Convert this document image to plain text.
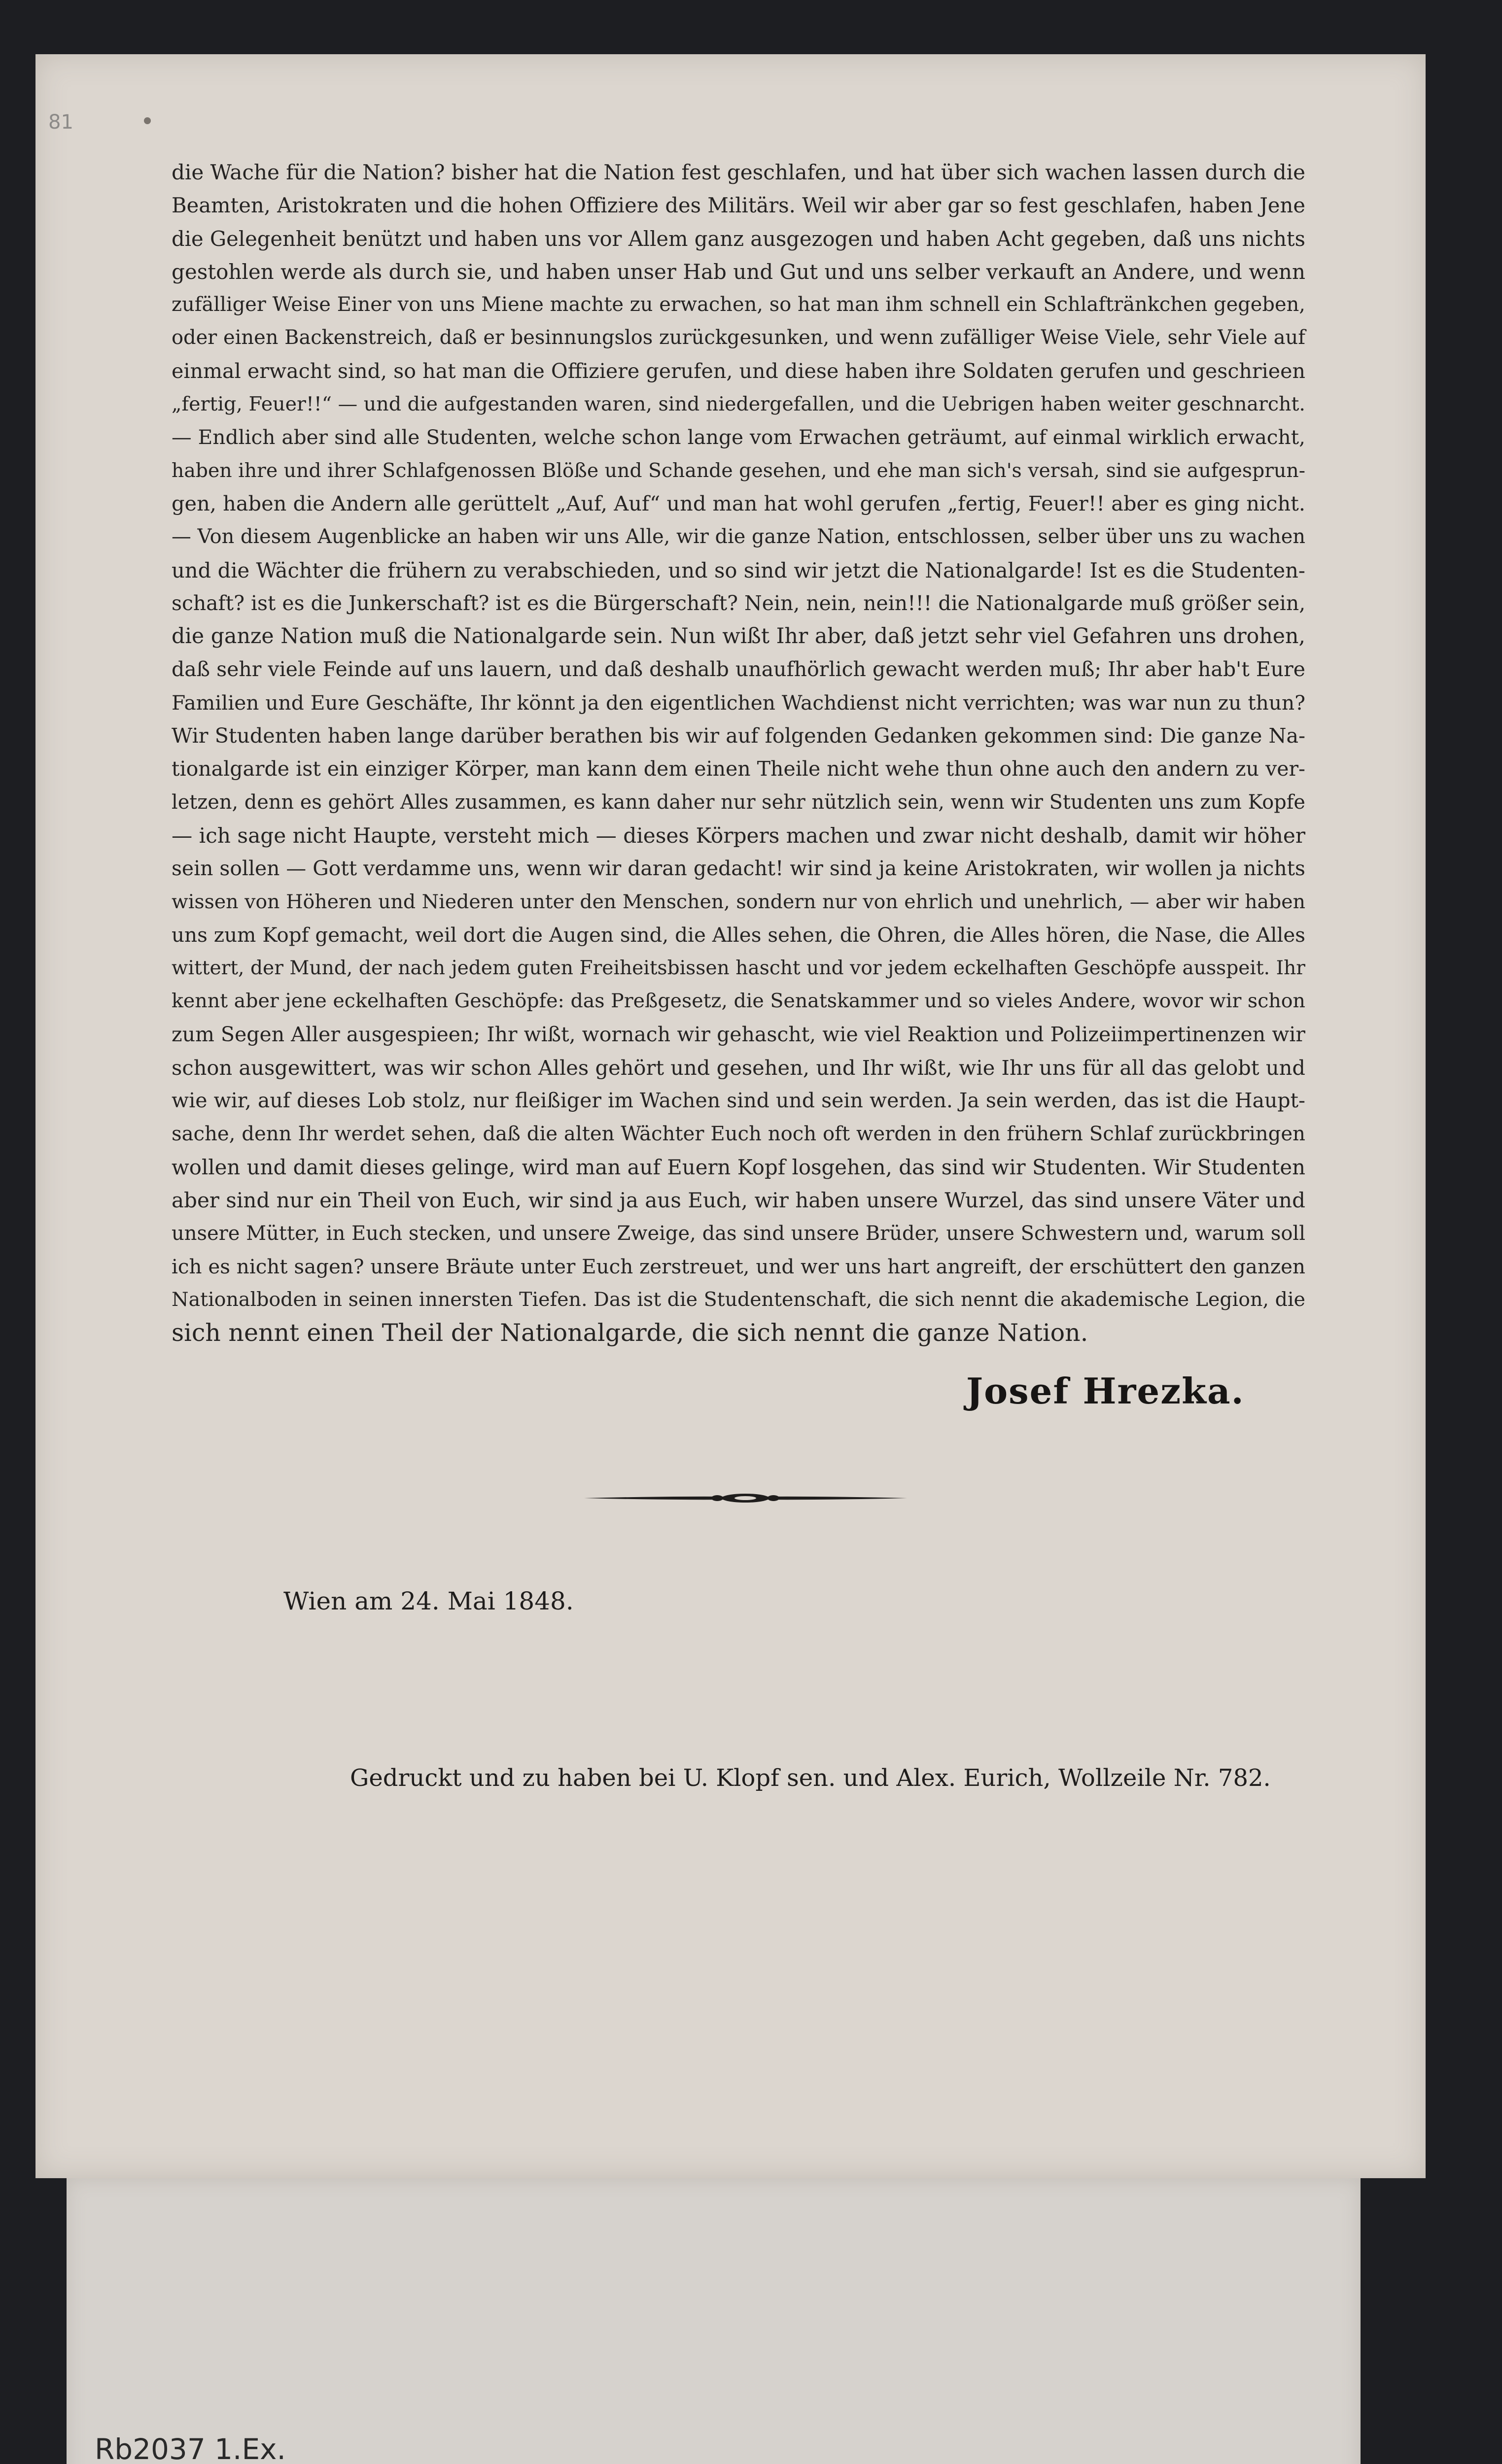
81
die Wache für die Nation? bisher hat die Nation fest geschlafen, und hat über sich wachen lassen durch die
Beamten, Aristokraten und die hohen Offiziere des Militärs. Weil wir aber gar so fest geschlafen, haben Jene
die Gelegenheit benützt und haben uns vor Allem ganz ausgezogen und haben Acht gegeben, daß uns nichts
gestohlen werde als durch sie, und haben unser Hab und Gut und uns selber verkauft an Andere, und wenn
zufälliger Weise Einer von uns Miene machte zu erwachen, so hat man ihm schnell ein Schlaftränkchen gegeben,
oder einen Backenstreich, daß er besinnungslos zurückgesunken, und wenn zufälliger Weise Viele, sehr Viele auf
einmal erwacht sind, so hat man die Offiziere gerufen, und diese haben ihre Soldaten gerufen und geschrieen
„fertig, Feuer!!“ — und die aufgestanden waren, sind niedergefallen, und die Uebrigen haben weiter geschnarcht.
— Endlich aber sind alle Studenten, welche schon lange vom Erwachen geträumt, auf einmal wirklich erwacht,
haben ihre und ihrer Schlafgenossen Blöße und Schande gesehen, und ehe man sich's versah, sind sie aufgesprun-
gen, haben die Andern alle gerüttelt „Auf, Auf“ und man hat wohl gerufen „fertig, Feuer!! aber es ging nicht.
— Von diesem Augenblicke an haben wir uns Alle, wir die ganze Nation, entschlossen, selber über uns zu wachen
und die Wächter die frühern zu verabschieden, und so sind wir jetzt die Nationalgarde! Ist es die Studenten-
schaft? ist es die Junkerschaft? ist es die Bürgerschaft? Nein, nein, nein!!! die Nationalgarde muß größer sein,
die ganze Nation muß die Nationalgarde sein. Nun wißt Ihr aber, daß jetzt sehr viel Gefahren uns drohen,
daß sehr viele Feinde auf uns lauern, und daß deshalb unaufhörlich gewacht werden muß; Ihr aber hab't Eure
Familien und Eure Geschäfte, Ihr könnt ja den eigentlichen Wachdienst nicht verrichten; was war nun zu thun?
Wir Studenten haben lange darüber berathen bis wir auf folgenden Gedanken gekommen sind: Die ganze Na-
tionalgarde ist ein einziger Körper, man kann dem einen Theile nicht wehe thun ohne auch den andern zu ver-
letzen, denn es gehört Alles zusammen, es kann daher nur sehr nützlich sein, wenn wir Studenten uns zum Kopfe
— ich sage nicht Haupte, versteht mich — dieses Körpers machen und zwar nicht deshalb, damit wir höher
sein sollen — Gott verdamme uns, wenn wir daran gedacht! wir sind ja keine Aristokraten, wir wollen ja nichts
wissen von Höheren und Niederen unter den Menschen, sondern nur von ehrlich und unehrlich, — aber wir haben
uns zum Kopf gemacht, weil dort die Augen sind, die Alles sehen, die Ohren, die Alles hören, die Nase, die Alles
wittert, der Mund, der nach jedem guten Freiheitsbissen hascht und vor jedem eckelhaften Geschöpfe ausspeit. Ihr
kennt aber jene eckelhaften Geschöpfe: das Preßgesetz, die Senatskammer und so vieles Andere, wovor wir schon
zum Segen Aller ausgespieen; Ihr wißt, wornach wir gehascht, wie viel Reaktion und Polizeiimpertinenzen wir
schon ausgewittert, was wir schon Alles gehört und gesehen, und Ihr wißt, wie Ihr uns für all das gelobt und
wie wir, auf dieses Lob stolz, nur fleißiger im Wachen sind und sein werden. Ja sein werden, das ist die Haupt-
sache, denn Ihr werdet sehen, daß die alten Wächter Euch noch oft werden in den frühern Schlaf zurückbringen
wollen und damit dieses gelinge, wird man auf Euern Kopf losgehen, das sind wir Studenten. Wir Studenten
aber sind nur ein Theil von Euch, wir sind ja aus Euch, wir haben unsere Wurzel, das sind unsere Väter und
unsere Mütter, in Euch stecken, und unsere Zweige, das sind unsere Brüder, unsere Schwestern und, warum soll
ich es nicht sagen? unsere Bräute unter Euch zerstreuet, und wer uns hart angreift, der erschüttert den ganzen
Nationalboden in seinen innersten Tiefen. Das ist die Studentenschaft, die sich nennt die akademische Legion, die
sich nennt einen Theil der Nationalgarde, die sich nennt die ganze Nation.
Josef Hrezka.
Wien am 24. Mai 1848.
Gedruckt und zu haben bei U. Klopf sen. und Alex. Eurich, Wollzeile Nr. 782.
Rb2037 1.Ex.
